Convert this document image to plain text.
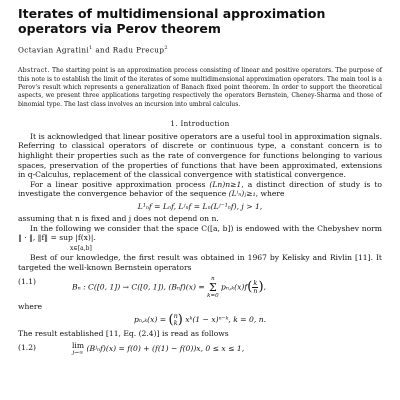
Iterates of multidimensional approximation operators via Perov theorem
Octavian Agratini$^1$ and Radu Precup$^2$
Abstract. The starting point is an approximation process consisting of linear and positive operators. The purpose of this note is to establish the limit of the iterates of some multidimensional approximation operators. The main tool is a Perov's result which represents a generalization of Banach fixed point theorem. In order to support the theoretical aspects, we present three applications targeting respectively the operators Bernstein, Cheney-Sharma and those of binomial type. The last class involves an incursion into umbral calculus.
1. Introduction

It is acknowledged that linear positive operators are a useful tool in approximation signals. Referring to classical operators of discrete or continuous type, a constant concern is to highlight their properties such as the rate of convergence for functions belonging to various spaces, preservation of the properties of functions that have been approximated, extensions in q-Calculus, replacement of the classical convergence with statistical convergence.

For a linear positive approximation process (Ln)n≥1, a distinct direction of study is to investigate the convergence behavior of the sequence (Lⁱₙ)ⱼ≥₁, where

L¹ₙf = Lₙf, Lʲₙf = Lₙ(Lʲ⁻¹ₙf), j > 1,

assuming that n is fixed and j does not depend on n.

In the following we consider that the space C([a, b]) is endowed with the Chebyshev norm ‖ · ‖, ‖f‖ = sup |f(x)|.
x∈[a,b]

Best of our knowledge, the first result was obtained in 1967 by Kelisky and Rivlin [11]. It targeted the well-known Bernstein operators

(1.1)
Bₙ : C([0, 1]) → C([0, 1]), (Bₙf)(x) = n
Σ
k=0 $p_n,_k(x)f( \frac{k}{n}$ ),

where

pₙ,ₖ(x) = ( n
k ) xᵏ(1 − x)ⁿ⁻ᵏ, k = 0, n.

The result established [11, Eq. (2.4)] is read as follows

(1.2)	lim
j→∞ (Bʲₙf)(x) = f(0) + (f(1) − f(0))x, 0 ≤ x ≤ 1,
